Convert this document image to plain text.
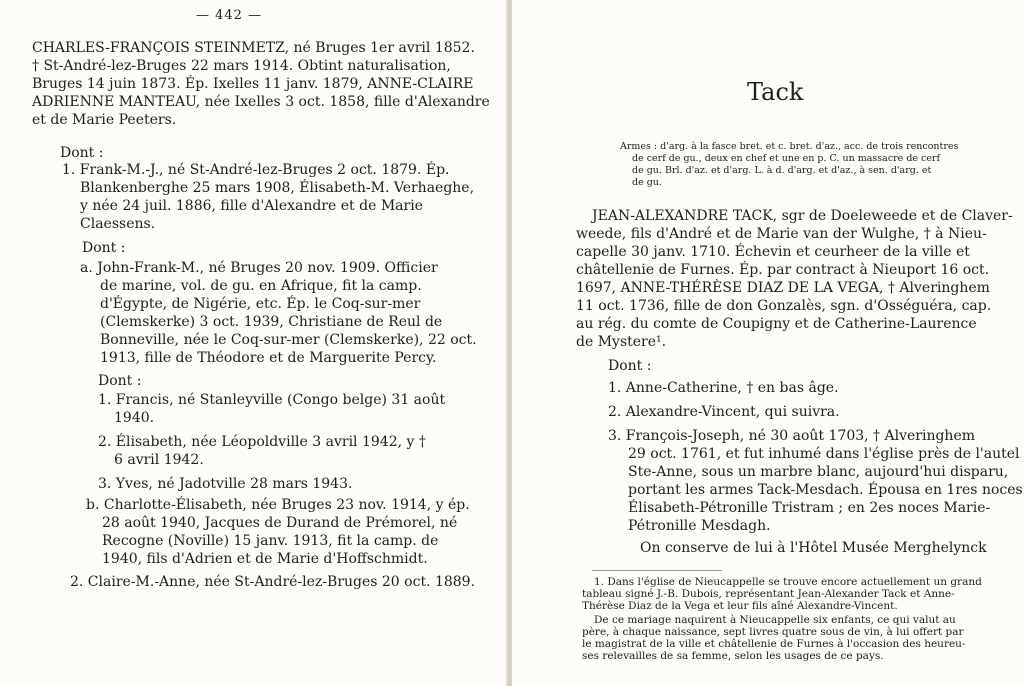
— 442 —

CHARLES-FRANÇOIS STEINMETZ, né Bruges 1er avril 1852.

† St-André-lez-Bruges 22 mars 1914. Obtint naturalisation,

Bruges 14 juin 1873. Ép. Ixelles 11 janv. 1879, ANNE-CLAIRE

ADRIENNE MANTEAU, née Ixelles 3 oct. 1858, fille d'Alexandre

et de Marie Peeters.

Dont :

1. Frank-M.-J., né St-André-lez-Bruges 2 oct. 1879. Ép.

Blankenberghe 25 mars 1908, Élisabeth-M. Verhaeghe,

y née 24 juil. 1886, fille d'Alexandre et de Marie

Claessens.

Dont :

a. John-Frank-M., né Bruges 20 nov. 1909. Officier

de marine, vol. de gu. en Afrique, fit la camp.

d'Égypte, de Nigérie, etc. Ép. le Coq-sur-mer

(Clemskerke) 3 oct. 1939, Christiane de Reul de

Bonneville, née le Coq-sur-mer (Clemskerke), 22 oct.

1913, fille de Théodore et de Marguerite Percy.

Dont :

1. Francis, né Stanleyville (Congo belge) 31 août

1940.

2. Élisabeth, née Léopoldville 3 avril 1942, y †

6 avril 1942.

3. Yves, né Jadotville 28 mars 1943.

b. Charlotte-Élisabeth, née Bruges 23 nov. 1914, y ép.

28 août 1940, Jacques de Durand de Prémorel, né

Recogne (Noville) 15 janv. 1913, fit la camp. de

1940, fils d'Adrien et de Marie d'Hoffschmidt.

2. Claire-M.-Anne, née St-André-lez-Bruges 20 oct. 1889.

Tack

Armes : d'arg. à la fasce bret. et c. bret. d'az., acc. de trois rencontres

de cerf de gu., deux en chef et une en p. C. un massacre de cerf

de gu. Brl. d'az. et d'arg. L. à d. d'arg. et d'az., à sen. d'arg. et

de gu.

JEAN-ALEXANDRE TACK, sgr de Doeleweede et de Claver-

weede, fils d'André et de Marie van der Wulghe, † à Nieu-

capelle 30 janv. 1710. Échevin et ceurheer de la ville et

châtellenie de Furnes. Ép. par contract à Nieuport 16 oct.

1697, ANNE-THÉRÈSE DIAZ DE LA VEGA, † Alveringhem

11 oct. 1736, fille de don Gonzalès, sgn. d'Osséguéra, cap.

au rég. du comte de Coupigny et de Catherine-Laurence

de Mystere¹.

Dont :

1. Anne-Catherine, † en bas âge.

2. Alexandre-Vincent, qui suivra.

3. François-Joseph, né 30 août 1703, † Alveringhem

29 oct. 1761, et fut inhumé dans l'église près de l'autel

Ste-Anne, sous un marbre blanc, aujourd'hui disparu,

portant les armes Tack-Mesdach. Épousa en 1res noces

Élisabeth-Pétronille Tristram ; en 2es noces Marie-

Pétronille Mesdagh.

On conserve de lui à l'Hôtel Musée Merghelynck

1. Dans l'église de Nieucappelle se trouve encore actuellement un grand

tableau signé J.-B. Dubois, représentant Jean-Alexander Tack et Anne-

Thérèse Diaz de la Vega et leur fils aîné Alexandre-Vincent.

De ce mariage naquirent à Nieucappelle six enfants, ce qui valut au

père, à chaque naissance, sept livres quatre sous de vin, à lui offert par

le magistrat de la ville et châtellenie de Furnes à l'occasion des heureu-

ses relevailles de sa femme, selon les usages de ce pays.
